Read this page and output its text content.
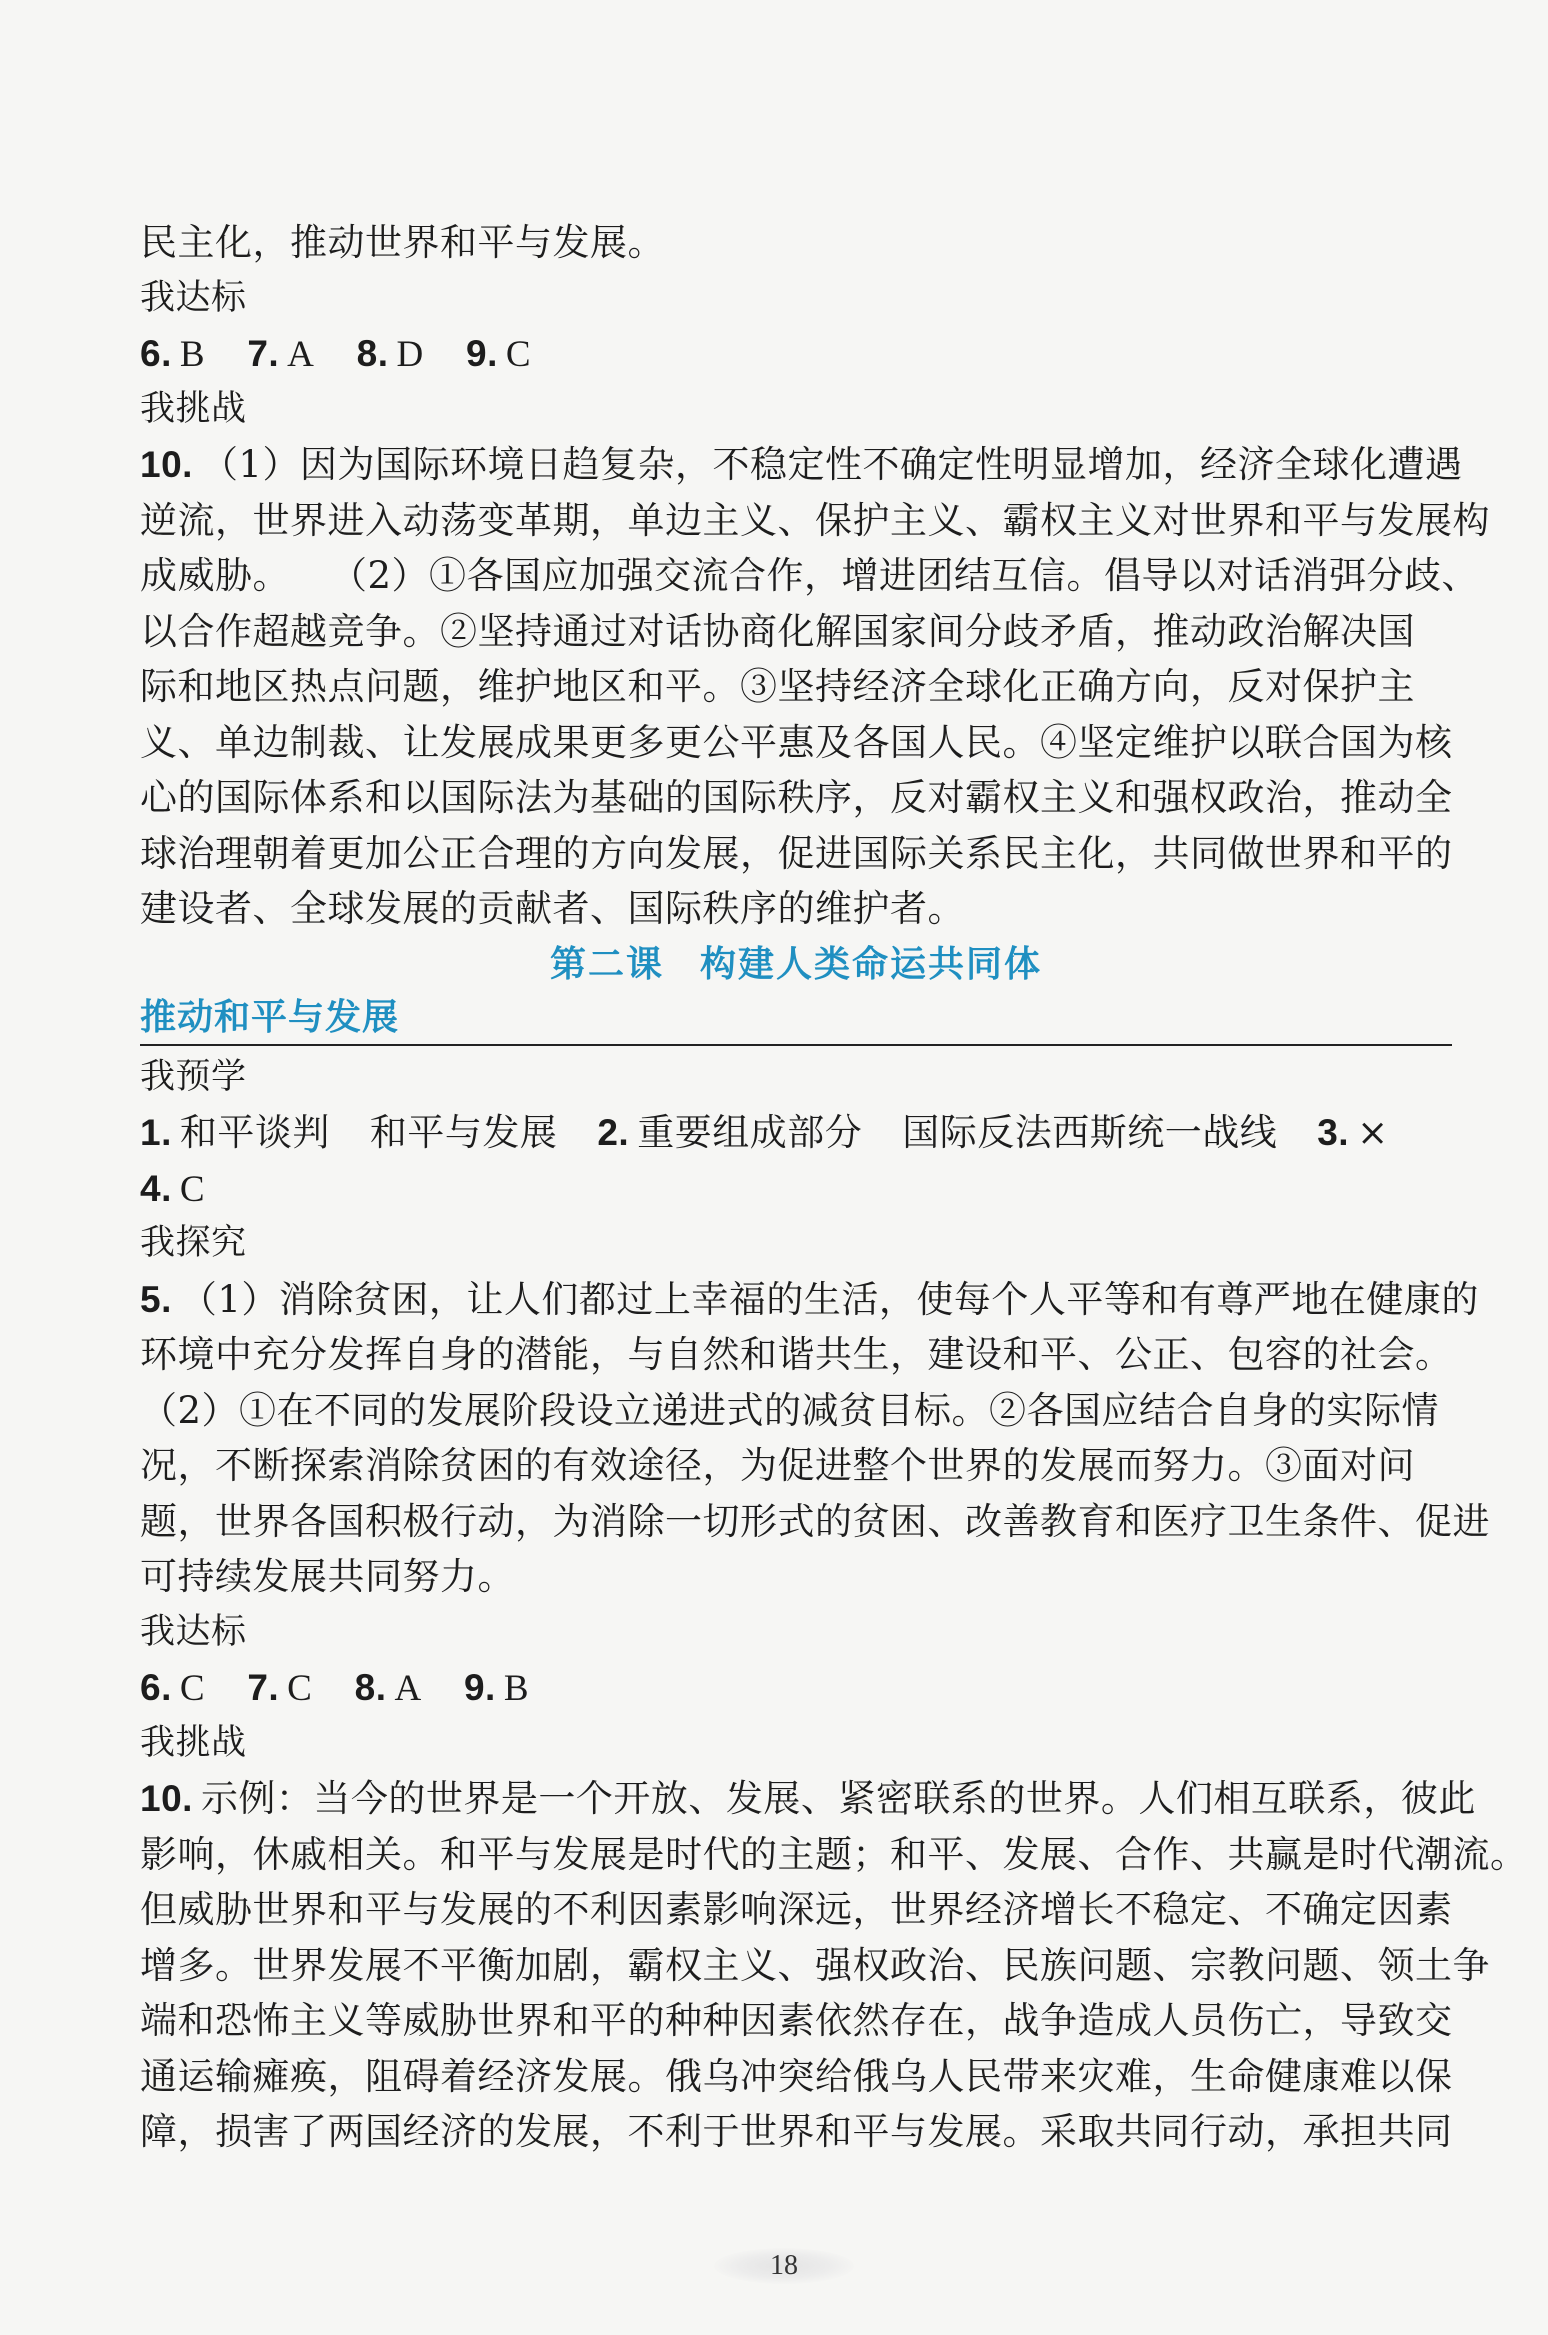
民主化，推动世界和平与发展。
我达标
6. B 7. A 8. D 9. C
我挑战
10. （1）因为国际环境日趋复杂，不稳定性不确定性明显增加，经济全球化遭遇
逆流，世界进入动荡变革期，单边主义、保护主义、霸权主义对世界和平与发展构
成威胁。 （2）①各国应加强交流合作，增进团结互信。倡导以对话消弭分歧、
以合作超越竞争。②坚持通过对话协商化解国家间分歧矛盾，推动政治解决国
际和地区热点问题，维护地区和平。③坚持经济全球化正确方向，反对保护主
义、单边制裁、让发展成果更多更公平惠及各国人民。④坚定维护以联合国为核
心的国际体系和以国际法为基础的国际秩序，反对霸权主义和强权政治，推动全
球治理朝着更加公正合理的方向发展，促进国际关系民主化，共同做世界和平的
建设者、全球发展的贡献者、国际秩序的维护者。
第二课 构建人类命运共同体
推动和平与发展
我预学
1. 和平谈判 和平与发展 2. 重要组成部分 国际反法西斯统一战线 3. ×
4. C
我探究
5. （1）消除贫困，让人们都过上幸福的生活，使每个人平等和有尊严地在健康的
环境中充分发挥自身的潜能，与自然和谐共生，建设和平、公正、包容的社会。
（2）①在不同的发展阶段设立递进式的减贫目标。②各国应结合自身的实际情
况，不断探索消除贫困的有效途径，为促进整个世界的发展而努力。③面对问
题，世界各国积极行动，为消除一切形式的贫困、改善教育和医疗卫生条件、促进
可持续发展共同努力。
我达标
6. C 7. C 8. A 9. B
我挑战
10. 示例：当今的世界是一个开放、发展、紧密联系的世界。人们相互联系，彼此
影响，休戚相关。和平与发展是时代的主题；和平、发展、合作、共赢是时代潮流。
但威胁世界和平与发展的不利因素影响深远，世界经济增长不稳定、不确定因素
增多。世界发展不平衡加剧，霸权主义、强权政治、民族问题、宗教问题、领土争
端和恐怖主义等威胁世界和平的种种因素依然存在，战争造成人员伤亡，导致交
通运输瘫痪，阻碍着经济发展。俄乌冲突给俄乌人民带来灾难，生命健康难以保
障，损害了两国经济的发展，不利于世界和平与发展。采取共同行动，承担共同
18
